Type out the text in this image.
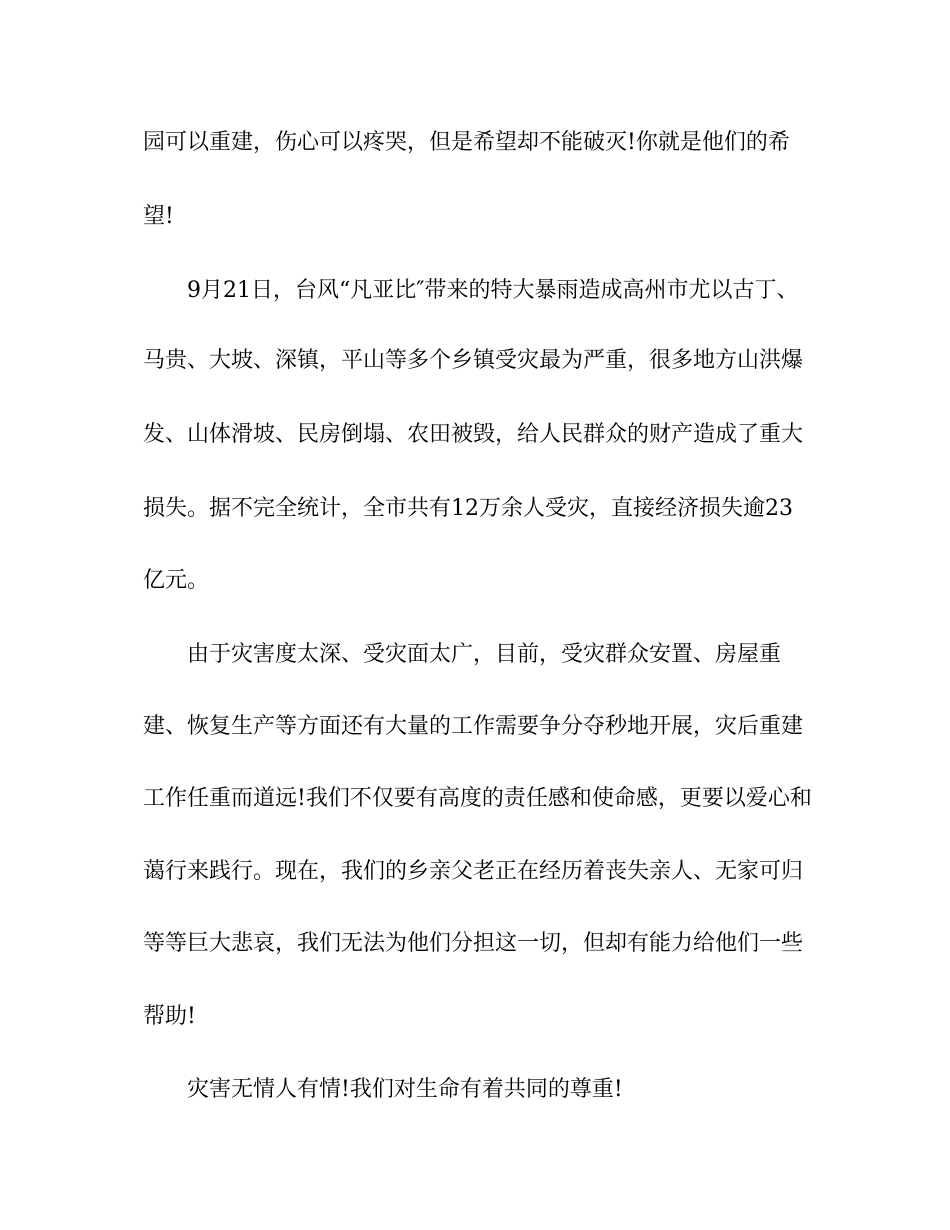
园可以重建，伤心可以疼哭，但是希望却不能破灭!你就是他们的希
望!
9月21日，台风“凡亚比″带来的特大暴雨造成高州市尤以古丁、
马贵、大坡、深镇，平山等多个乡镇受灾最为严重，很多地方山洪爆
发、山体滑坡、民房倒塌、农田被毁，给人民群众的财产造成了重大
损失。据不完全统计，全市共有12万余人受灾，直接经济损失逾23
亿元。
由于灾害度太深、受灾面太广，目前，受灾群众安置、房屋重
建、恢复生产等方面还有大量的工作需要争分夺秒地开展，灾后重建
工作任重而道远!我们不仅要有高度的责任感和使命感，更要以爱心和
蔼行来践行。现在，我们的乡亲父老正在经历着丧失亲人、无家可归
等等巨大悲哀，我们无法为他们分担这一切，但却有能力给他们一些
帮助!
灾害无情人有情!我们对生命有着共同的尊重!
